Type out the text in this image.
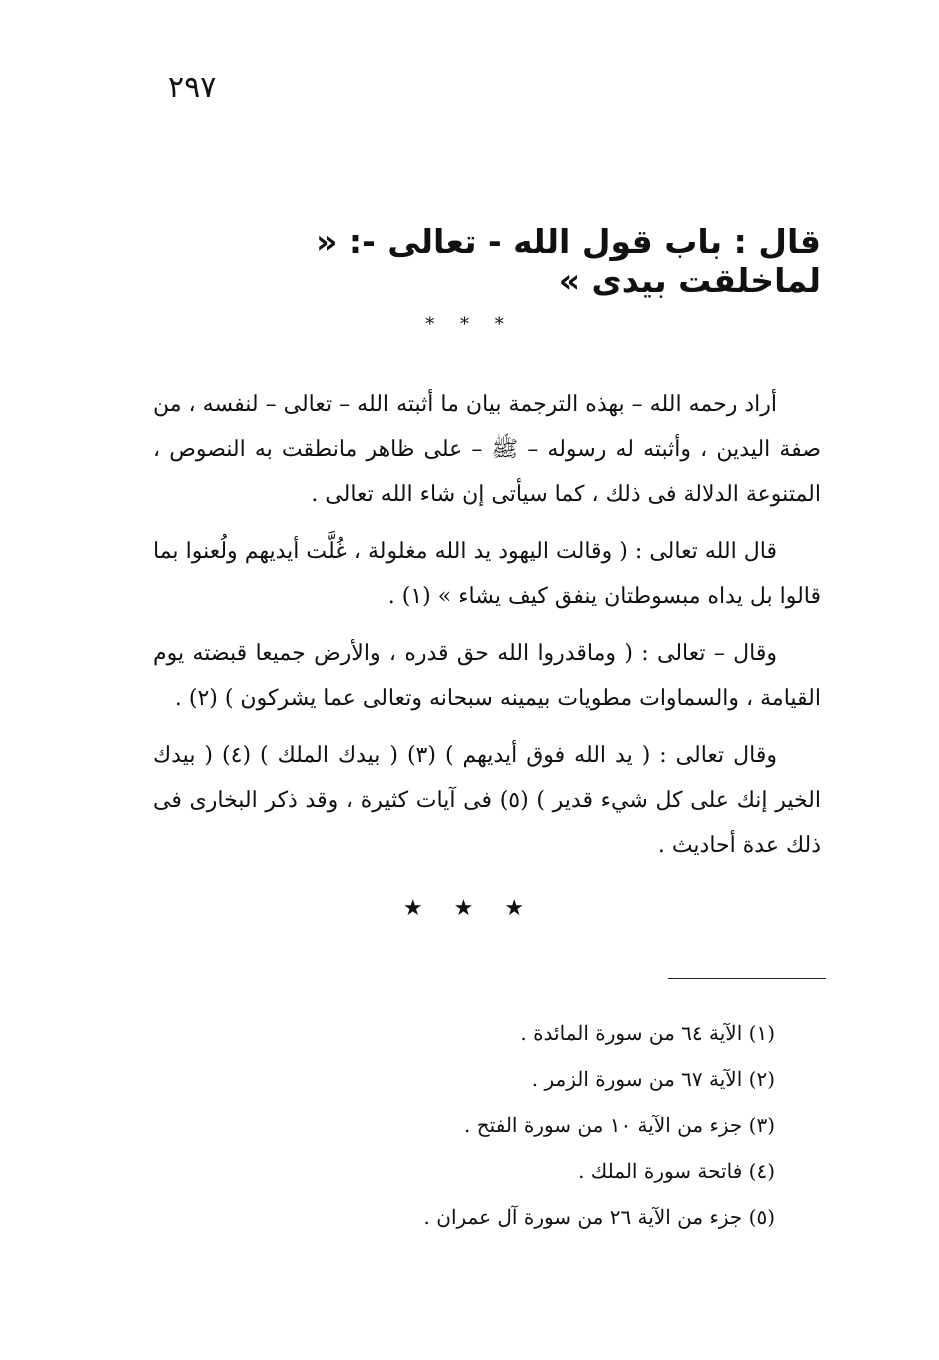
٢٩٧
قال : باب قول الله - تعالى -: « لماخلقت بيدى »
* * *

أراد رحمه الله – بهذه الترجمة بيان ما أثبته الله – تعالى – لنفسه ، من صفة اليدين ، وأثبته له رسوله – ﷺ – على ظاهر مانطقت به النصوص ، المتنوعة الدلالة فى ذلك ، كما سيأتى إن شاء الله تعالى .

قال الله تعالى : ( وقالت اليهود يد الله مغلولة ، غُلَّت أيديهم ولُعنوا بما قالوا بل يداه مبسوطتان ينفق كيف يشاء » (١) .

وقال – تعالى : ( وماقدروا الله حق قدره ، والأرض جميعا قبضته يوم القيامة ، والسماوات مطويات بيمينه سبحانه وتعالى عما يشركون ) (٢) .

وقال تعالى : ( يد الله فوق أيديهم ) (٣) ( بيدك الملك ) (٤) ( بيدك الخير إنك على كل شيء قدير ) (٥) فى آيات كثيرة ، وقد ذكر البخارى فى ذلك عدة أحاديث .

★ ★ ★
(١) الآية ٦٤ من سورة المائدة .
(٢) الآية ٦٧ من سورة الزمر .
(٣) جزء من الآية ١٠ من سورة الفتح .
(٤) فاتحة سورة الملك .
(٥) جزء من الآية ٢٦ من سورة آل عمران .
